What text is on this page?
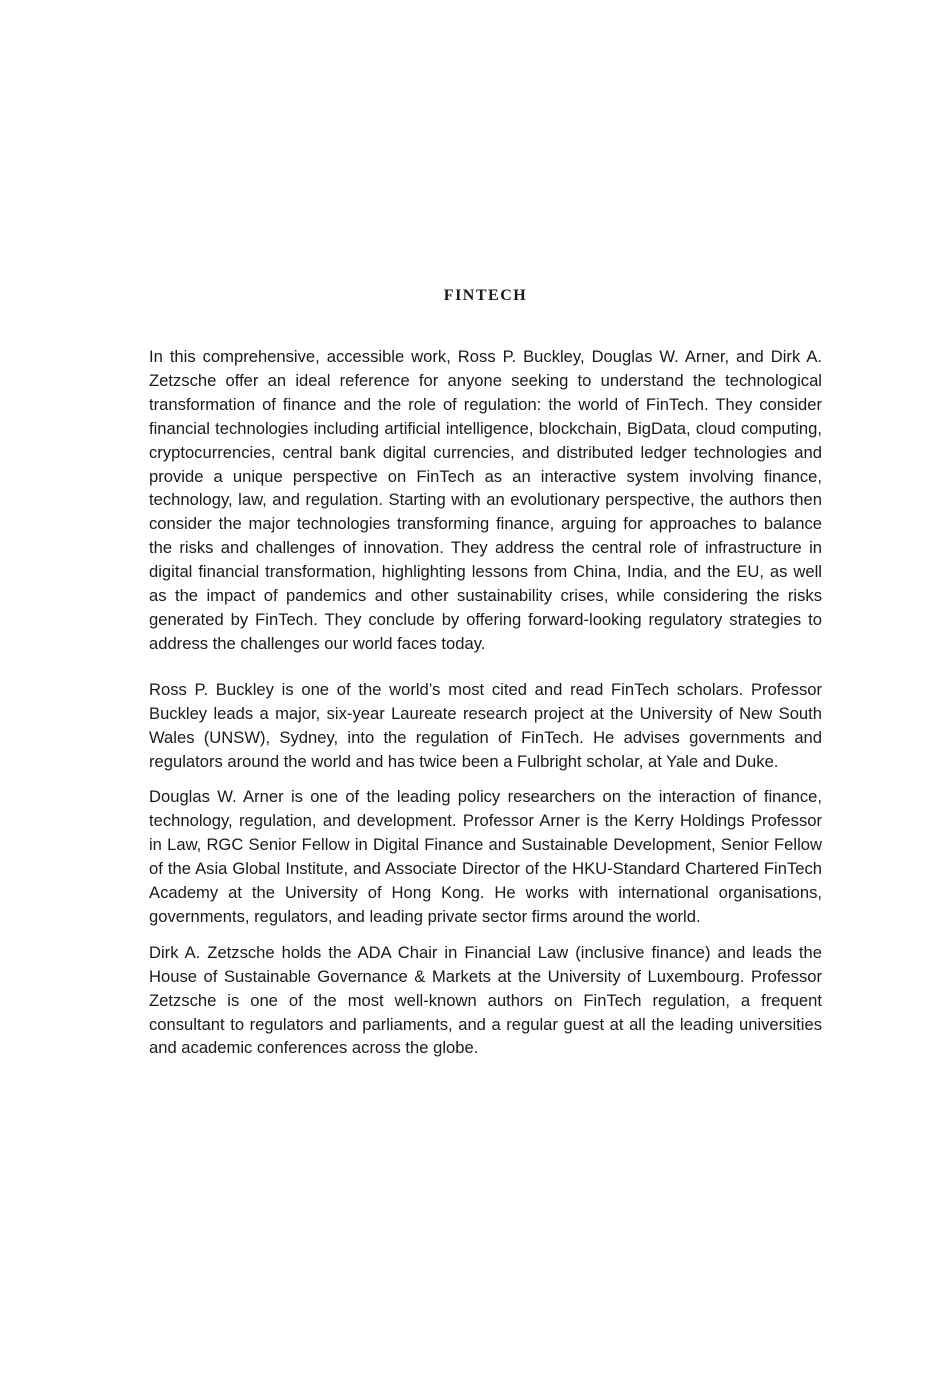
FINTECH

In this comprehensive, accessible work, Ross P. Buckley, Douglas W. Arner, and Dirk A. Zetzsche offer an ideal reference for anyone seeking to understand the technological transformation of finance and the role of regulation: the world of FinTech. They consider financial technologies including artificial intelligence, blockchain, BigData, cloud computing, cryptocurrencies, central bank digital currencies, and distributed ledger technologies and provide a unique perspective on FinTech as an interactive system involving finance, technology, law, and regulation. Starting with an evolutionary perspective, the authors then consider the major technologies transforming finance, arguing for approaches to balance the risks and challenges of innovation. They address the central role of infrastructure in digital financial transformation, highlighting lessons from China, India, and the EU, as well as the impact of pandemics and other sustainability crises, while considering the risks generated by FinTech. They conclude by offering forward-looking regulatory strategies to address the challenges our world faces today.

Ross P. Buckley is one of the world’s most cited and read FinTech scholars. Professor Buckley leads a major, six-year Laureate research project at the University of New South Wales (UNSW), Sydney, into the regulation of FinTech. He advises governments and regulators around the world and has twice been a Fulbright scholar, at Yale and Duke.

Douglas W. Arner is one of the leading policy researchers on the interaction of finance, technology, regulation, and development. Professor Arner is the Kerry Holdings Professor in Law, RGC Senior Fellow in Digital Finance and Sustainable Development, Senior Fellow of the Asia Global Institute, and Associate Director of the HKU-Standard Chartered FinTech Academy at the University of Hong Kong. He works with international organisations, governments, regulators, and leading private sector firms around the world.

Dirk A. Zetzsche holds the ADA Chair in Financial Law (inclusive finance) and leads the House of Sustainable Governance & Markets at the University of Luxembourg. Professor Zetzsche is one of the most well-known authors on FinTech regulation, a frequent consultant to regulators and parliaments, and a regular guest at all the leading universities and academic conferences across the globe.
